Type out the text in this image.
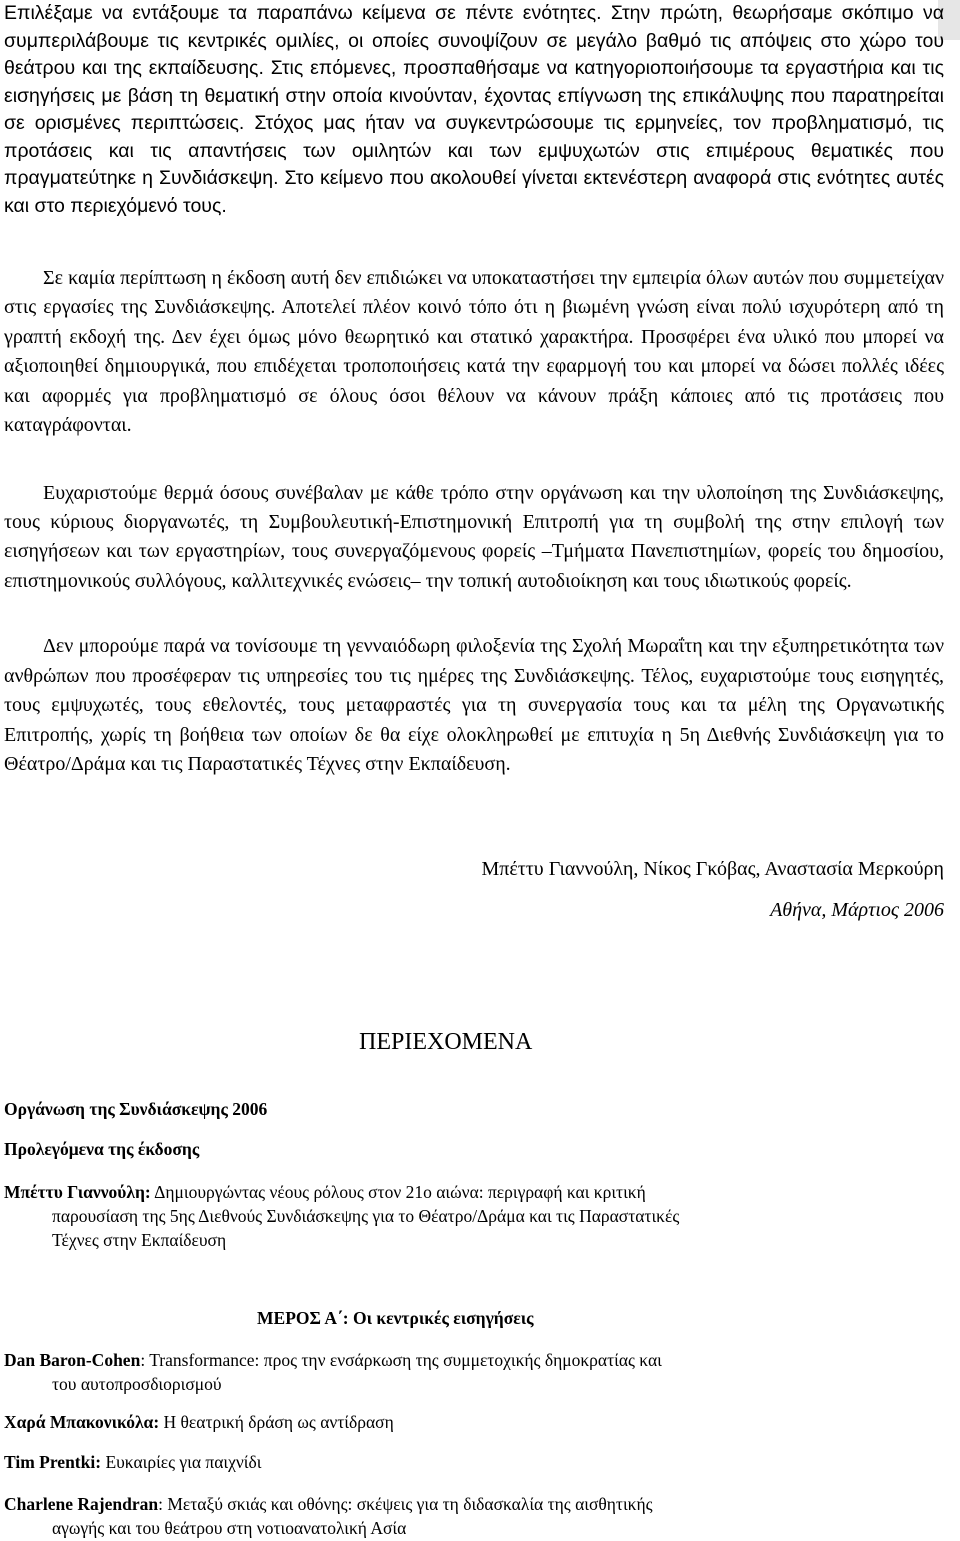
Επιλέξαμε να εντάξουμε τα παραπάνω κείμενα σε πέντε ενότητες. Στην πρώτη, θεωρήσαμε σκόπιμο να συμπεριλάβουμε τις κεντρικές ομιλίες, οι οποίες συνοψίζουν σε μεγάλο βαθμό τις απόψεις στο χώρο του θεάτρου και της εκπαίδευσης. Στις επόμενες, προσπαθήσαμε να κατηγοριοποιήσουμε τα εργαστήρια και τις εισηγήσεις με βάση τη θεματική στην οποία κινούνταν, έχοντας επίγνωση της επικάλυψης που παρατηρείται σε ορισμένες περιπτώσεις. Στόχος μας ήταν να συγκεντρώσουμε τις ερμηνείες, τον προβληματισμό, τις προτάσεις και τις απαντήσεις των ομιλητών και των εμψυχωτών στις επιμέρους θεματικές που πραγματεύτηκε η Συνδιάσκεψη. Στο κείμενο που ακολουθεί γίνεται εκτενέστερη αναφορά στις ενότητες αυτές και στο περιεχόμενό τους.

Σε καμία περίπτωση η έκδοση αυτή δεν επιδιώκει να υποκαταστήσει την εμπειρία όλων αυτών που συμμετείχαν στις εργασίες της Συνδιάσκεψης. Αποτελεί πλέον κοινό τόπο ότι η βιωμένη γνώση είναι πολύ ισχυρότερη από τη γραπτή εκδοχή της. Δεν έχει όμως μόνο θεωρητικό και στατικό χαρακτήρα. Προσφέρει ένα υλικό που μπορεί να αξιοποιηθεί δημιουργικά, που επιδέχεται τροποποιήσεις κατά την εφαρμογή του και μπορεί να δώσει πολλές ιδέες και αφορμές για προβληματισμό σε όλους όσοι θέλουν να κάνουν πράξη κάποιες από τις προτάσεις που καταγράφονται.

Ευχαριστούμε θερμά όσους συνέβαλαν με κάθε τρόπο στην οργάνωση και την υλοποίηση της Συνδιάσκεψης, τους κύριους διοργανωτές, τη Συμβουλευτική-Επιστημονική Επιτροπή για τη συμβολή της στην επιλογή των εισηγήσεων και των εργαστηρίων, τους συνεργαζόμενους φορείς –Τμήματα Πανεπιστημίων, φορείς του δημοσίου, επιστημονικούς συλλόγους, καλλιτεχνικές ενώσεις– την τοπική αυτοδιοίκηση και τους ιδιωτικούς φορείς.

Δεν μπορούμε παρά να τονίσουμε τη γενναιόδωρη φιλοξενία της Σχολή Μωραΐτη και την εξυπηρετικότητα των ανθρώπων που προσέφεραν τις υπηρεσίες του τις ημέρες της Συνδιάσκεψης. Τέλος, ευχαριστούμε τους εισηγητές, τους εμψυχωτές, τους εθελοντές, τους μεταφραστές για τη συνεργασία τους και τα μέλη της Οργανωτικής Επιτροπής, χωρίς τη βοήθεια των οποίων δε θα είχε ολοκληρωθεί με επιτυχία η 5η Διεθνής Συνδιάσκεψη για το Θέατρο/Δράμα και τις Παραστατικές Τέχνες στην Εκπαίδευση.

Μπέττυ Γιαννούλη, Νίκος Γκόβας, Αναστασία Μερκούρη
Αθήνα, Μάρτιος 2006
ΠΕΡΙΕΧΟΜΕΝΑ
Οργάνωση της Συνδιάσκεψης 2006
Προλεγόμενα της έκδοσης
Μπέττυ Γιαννούλη: Δημιουργώντας νέους ρόλους στον 21ο αιώνα: περιγραφή και κριτική
παρουσίαση της 5ης Διεθνούς Συνδιάσκεψης για το Θέατρο/Δράμα και τις Παραστατικές
Τέχνες στην Εκπαίδευση
ΜΕΡΟΣ Α΄: Οι κεντρικές εισηγήσεις
Dan Baron-Cohen: Transformance: προς την ενσάρκωση της συμμετοχικής δημοκρατίας και
του αυτοπροσδιορισμού
Χαρά Μπακονικόλα: Η θεατρική δράση ως αντίδραση
Tim Prentki: Ευκαιρίες για παιχνίδι
Charlene Rajendran: Μεταξύ σκιάς και οθόνης: σκέψεις για τη διδασκαλία της αισθητικής
αγωγής και του θεάτρου στη νοτιοανατολική Ασία
